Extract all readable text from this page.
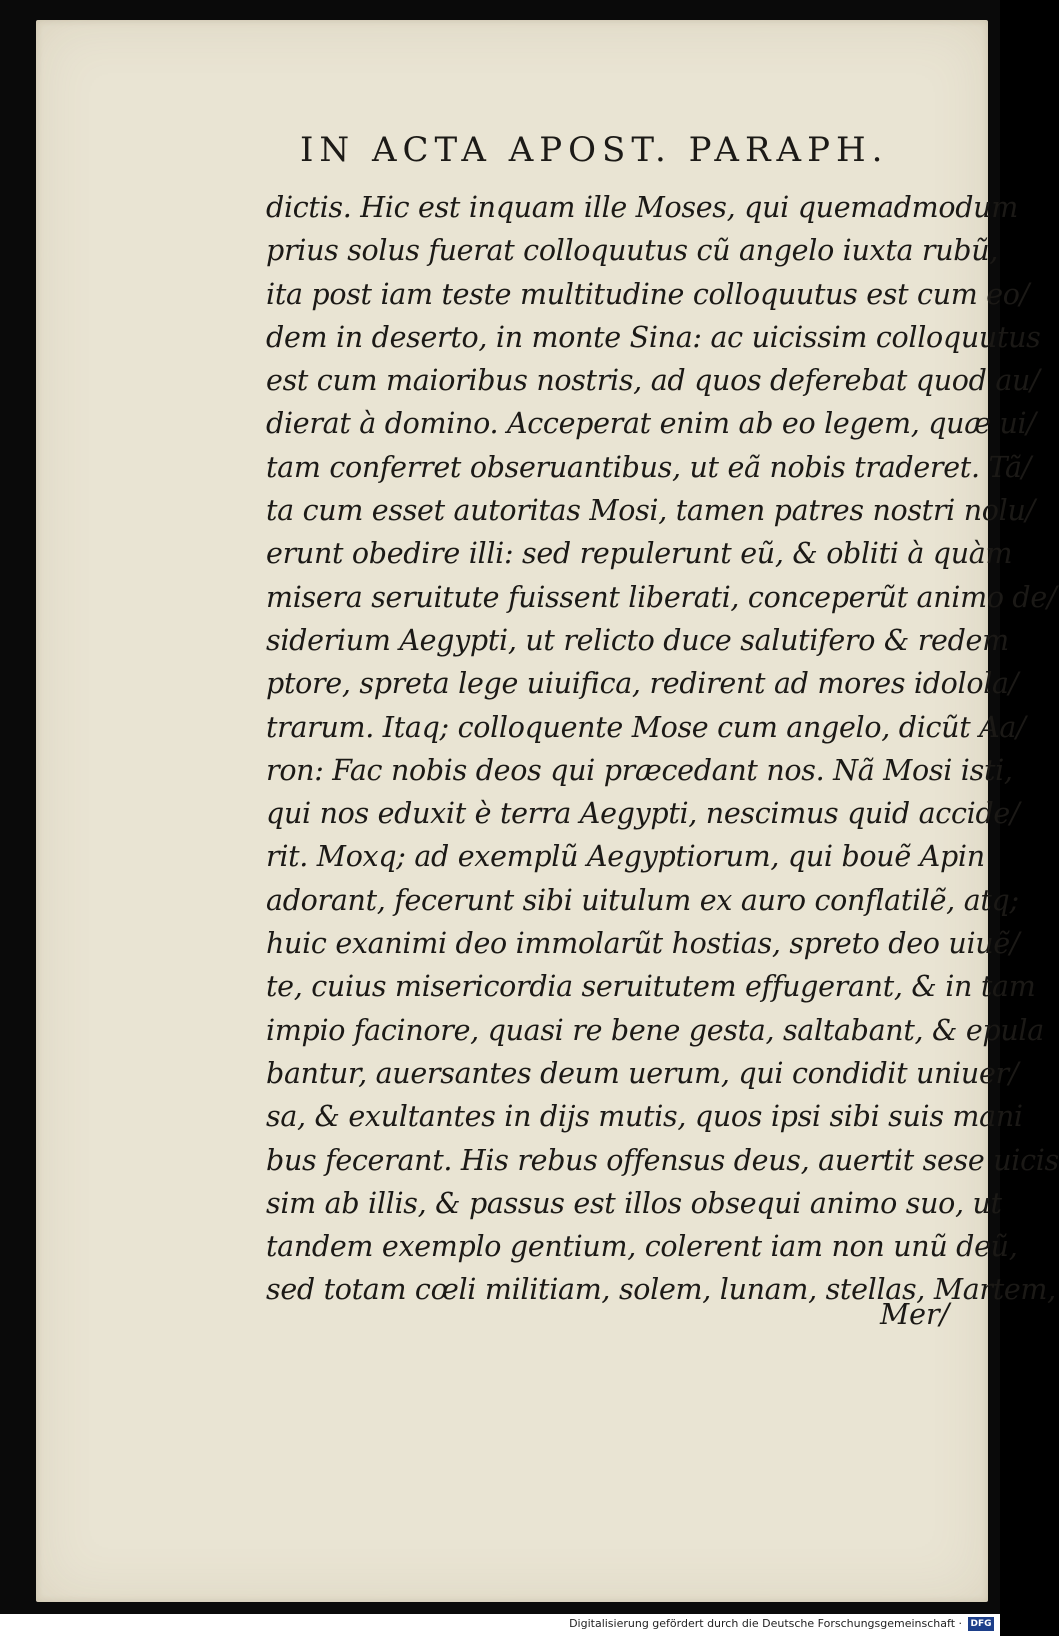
IN ACTA APOST. PARAPH.
dictis. Hic est inquam ille Moses, qui quemadmodum
prius solus fuerat colloquutus cũ angelo iuxta rubũ,
ita post iam teste multitudine colloquutus est cum eo/
dem in deserto, in monte Sina: ac uicissim colloquutus
est cum maioribus nostris, ad quos deferebat quod au/
dierat à domino. Acceperat enim ab eo legem, quæ ui/
tam conferret obseruantibus, ut eã nobis traderet. Tã/
ta cum esset autoritas Mosi, tamen patres nostri nolu/
erunt obedire illi: sed repulerunt eũ, & obliti à quàm
misera seruitute fuissent liberati, conceperũt animo de/
siderium Aegypti, ut relicto duce salutifero & redem
ptore, spreta lege uiuifica, redirent ad mores idolola/
trarum. Itaq; colloquente Mose cum angelo, dicũt Aa/
ron: Fac nobis deos qui præcedant nos. Nã Mosi isti,
qui nos eduxit è terra Aegypti, nescimus quid accide/
rit. Moxq; ad exemplũ Aegyptiorum, qui bouẽ Apin
adorant, fecerunt sibi uitulum ex auro conflatilẽ, atq;
huic exanimi deo immolarũt hostias, spreto deo uiuẽ/
te, cuius misericordia seruitutem effugerant, & in tam
impio facinore, quasi re bene gesta, saltabant, & epula
bantur, auersantes deum uerum, qui condidit uniuer/
sa, & exultantes in dijs mutis, quos ipsi sibi suis mani
bus fecerant. His rebus offensus deus, auertit sese uicis
sim ab illis, & passus est illos obsequi animo suo, ut
tandem exemplo gentium, colerent iam non unũ deũ,
sed totam cœli militiam, solem, lunam, stellas, Martem,
Mer/
Digitalisierung gefördert durch die Deutsche Forschungsgemeinschaft · DFG
